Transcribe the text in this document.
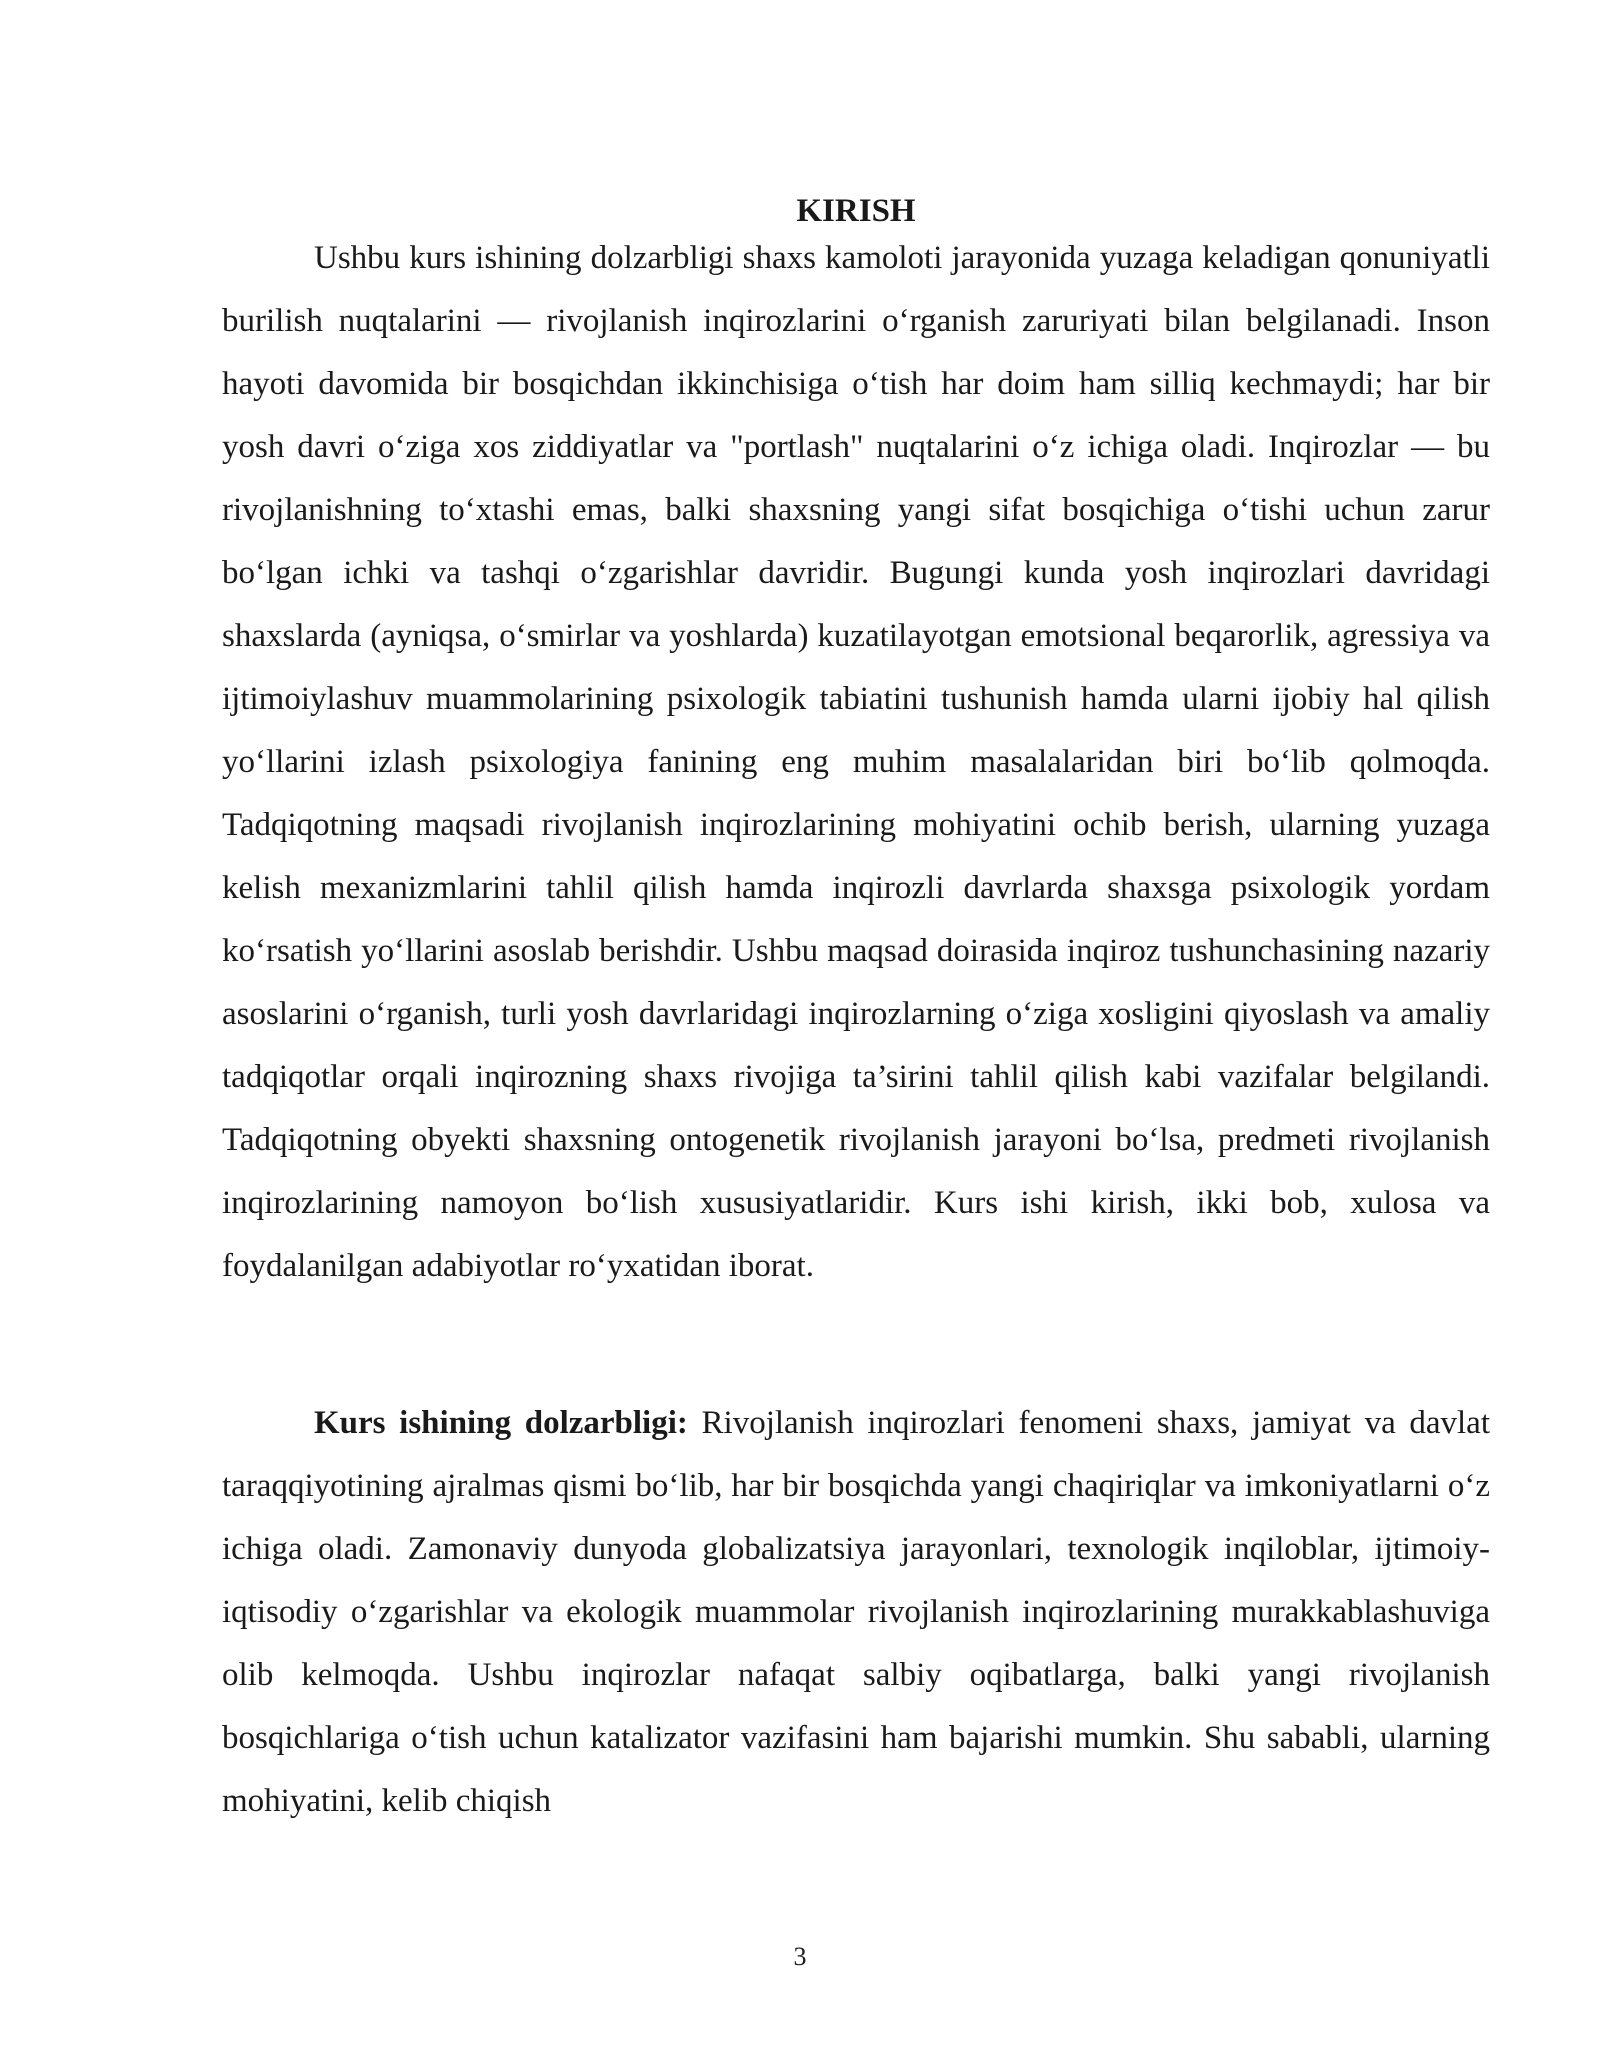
KIRISH

Ushbu kurs ishining dolzarbligi shaxs kamoloti jarayonida yuzaga keladigan qonuniyatli burilish nuqtalarini — rivojlanish inqirozlarini o‘rganish zaruriyati bilan belgilanadi. Inson hayoti davomida bir bosqichdan ikkinchisiga o‘tish har doim ham silliq kechmaydi; har bir yosh davri o‘ziga xos ziddiyatlar va "portlash" nuqtalarini o‘z ichiga oladi. Inqirozlar — bu rivojlanishning to‘xtashi emas, balki shaxsning yangi sifat bosqichiga o‘tishi uchun zarur bo‘lgan ichki va tashqi o‘zgarishlar davridir. Bugungi kunda yosh inqirozlari davridagi shaxslarda (ayniqsa, o‘smirlar va yoshlarda) kuzatilayotgan emotsional beqarorlik, agressiya va ijtimoiylashuv muammolarining psixologik tabiatini tushunish hamda ularni ijobiy hal qilish yo‘llarini izlash psixologiya fanining eng muhim masalalaridan biri bo‘lib qolmoqda. Tadqiqotning maqsadi rivojlanish inqirozlarining mohiyatini ochib berish, ularning yuzaga kelish mexanizmlarini tahlil qilish hamda inqirozli davrlarda shaxsga psixologik yordam ko‘rsatish yo‘llarini asoslab berishdir. Ushbu maqsad doirasida inqiroz tushunchasining nazariy asoslarini o‘rganish, turli yosh davrlaridagi inqirozlarning o‘ziga xosligini qiyoslash va amaliy tadqiqotlar orqali inqirozning shaxs rivojiga ta’sirini tahlil qilish kabi vazifalar belgilandi. Tadqiqotning obyekti shaxsning ontogenetik rivojlanish jarayoni bo‘lsa, predmeti rivojlanish inqirozlarining namoyon bo‘lish xususiyatlaridir. Kurs ishi kirish, ikki bob, xulosa va foydalanilgan adabiyotlar ro‘yxatidan iborat.

Kurs ishining dolzarbligi: Rivojlanish inqirozlari fenomeni shaxs, jamiyat va davlat taraqqiyotining ajralmas qismi bo‘lib, har bir bosqichda yangi chaqiriqlar va imkoniyatlarni o‘z ichiga oladi. Zamonaviy dunyoda globalizatsiya jarayonlari, texnologik inqiloblar, ijtimoiy-iqtisodiy o‘zgarishlar va ekologik muammolar rivojlanish inqirozlarining murakkablashuviga olib kelmoqda. Ushbu inqirozlar nafaqat salbiy oqibatlarga, balki yangi rivojlanish bosqichlariga o‘tish uchun katalizator vazifasini ham bajarishi mumkin. Shu sababli, ularning mohiyatini, kelib chiqish

3
